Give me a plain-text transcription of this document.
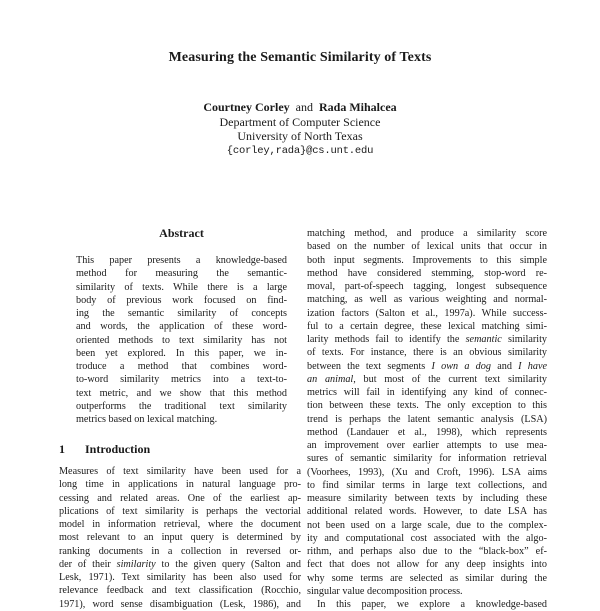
Measuring the Semantic Similarity of Texts
Courtney Corley and Rada Mihalcea
Department of Computer Science
University of North Texas
{corley,rada}@cs.unt.edu
Abstract
This paper presents a knowledge-based
method for measuring the semantic-
similarity of texts. While there is a large
body of previous work focused on find-
ing the semantic similarity of concepts
and words, the application of these word-
oriented methods to text similarity has not
been yet explored. In this paper, we in-
troduce a method that combines word-
to-word similarity metrics into a text-to-
text metric, and we show that this method
outperforms the traditional text similarity
metrics based on lexical matching.
1 Introduction
Measures of text similarity have been used for a
long time in applications in natural language pro-
cessing and related areas. One of the earliest ap-
plications of text similarity is perhaps the vectorial
model in information retrieval, where the document
most relevant to an input query is determined by
ranking documents in a collection in reversed or-
der of their similarity to the given query (Salton and
Lesk, 1971). Text similarity has been also used for
relevance feedback and text classification (Rocchio,
1971), word sense disambiguation (Lesk, 1986), and
matching method, and produce a similarity score
based on the number of lexical units that occur in
both input segments. Improvements to this simple
method have considered stemming, stop-word re-
moval, part-of-speech tagging, longest subsequence
matching, as well as various weighting and normal-
ization factors (Salton et al., 1997a). While success-
ful to a certain degree, these lexical matching simi-
larity methods fail to identify the semantic similarity
of texts. For instance, there is an obvious similarity
between the text segments I own a dog and I have
an animal, but most of the current text similarity
metrics will fail in identifying any kind of connec-
tion between these texts. The only exception to this
trend is perhaps the latent semantic analysis (LSA)
method (Landauer et al., 1998), which represents
an improvement over earlier attempts to use mea-
sures of semantic similarity for information retrieval
(Voorhees, 1993), (Xu and Croft, 1996). LSA aims
to find similar terms in large text collections, and
measure similarity between texts by including these
additional related words. However, to date LSA has
not been used on a large scale, due to the complex-
ity and computational cost associated with the algo-
rithm, and perhaps also due to the “black-box” ef-
fect that does not allow for any deep insights into
why some terms are selected as similar during the
singular value decomposition process.
In this paper, we explore a knowledge-based
